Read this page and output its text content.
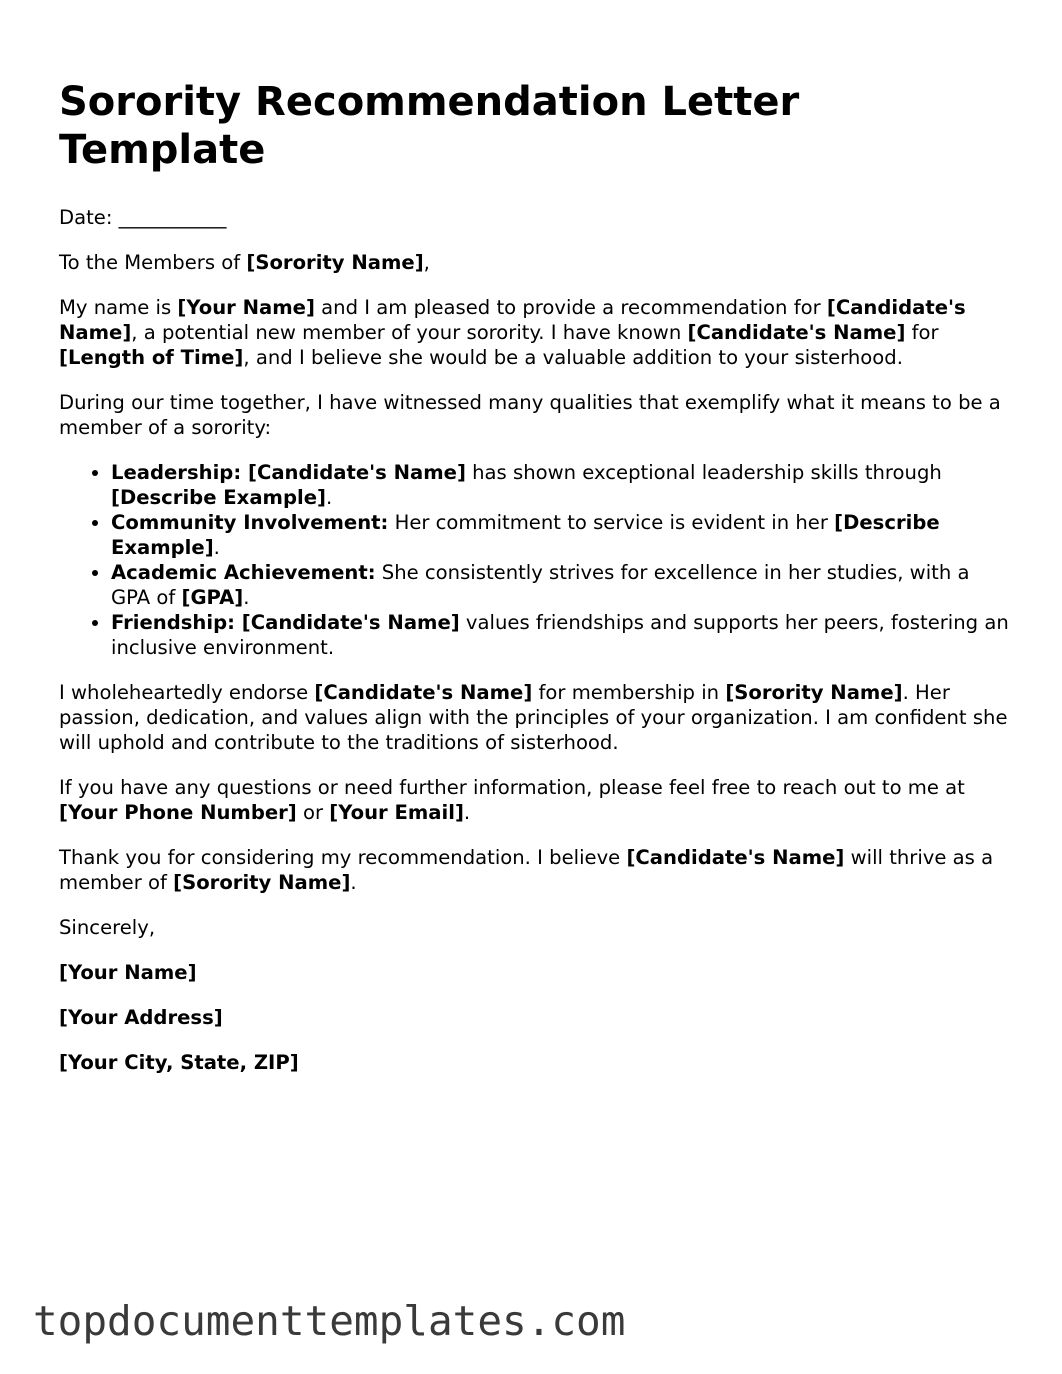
Sorority Recommendation Letter Template

Date: ___________

To the Members of [Sorority Name],

My name is [Your Name] and I am pleased to provide a recommendation for [Candidate's Name], a potential new member of your sorority. I have known [Candidate's Name] for [Length of Time], and I believe she would be a valuable addition to your sisterhood.

During our time together, I have witnessed many qualities that exemplify what it means to be a member of a sorority:

• Leadership: [Candidate's Name] has shown exceptional leadership skills through [Describe Example].
• Community Involvement: Her commitment to service is evident in her [Describe Example].
• Academic Achievement: She consistently strives for excellence in her studies, with a GPA of [GPA].
• Friendship: [Candidate's Name] values friendships and supports her peers, fostering an inclusive environment.

I wholeheartedly endorse [Candidate's Name] for membership in [Sorority Name]. Her passion, dedication, and values align with the principles of your organization. I am confident she will uphold and contribute to the traditions of sisterhood.

If you have any questions or need further information, please feel free to reach out to me at [Your Phone Number] or [Your Email].

Thank you for considering my recommendation. I believe [Candidate's Name] will thrive as a member of [Sorority Name].

Sincerely,

[Your Name]

[Your Address]

[Your City, State, ZIP]

topdocumenttemplates.com
